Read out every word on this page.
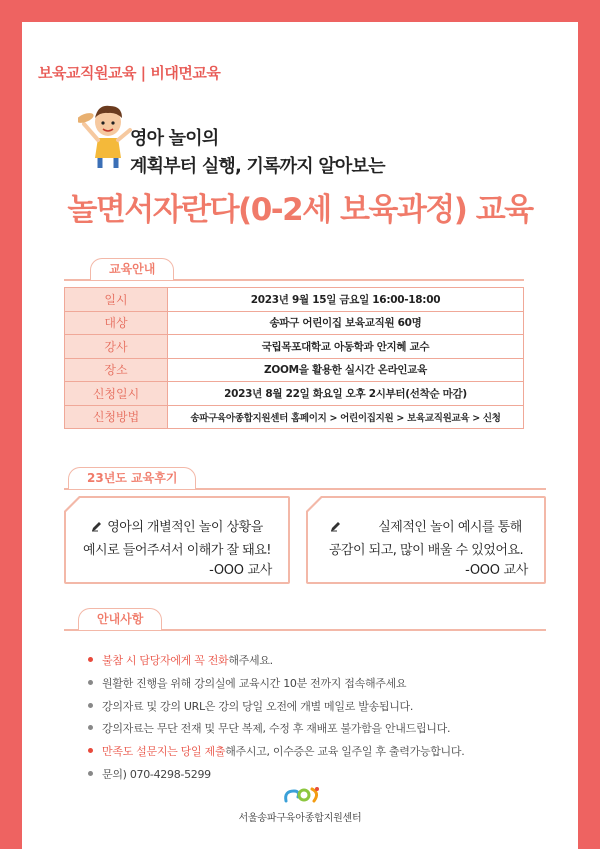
보육교직원교육 | 비대면교육
영아 놀이의
계획부터 실행, 기록까지 알아보는
놀면서자란다(0-2세 보육과정) 교육
교육안내
일시	2023년 9월 15일 금요일 16:00-18:00
대상	송파구 어린이집 보육교직원 60명
강사	국립목포대학교 아동학과 안지혜 교수
장소	ZOOM을 활용한 실시간 온라인교육
신청일시	2023년 8월 22일 화요일 오후 2시부터(선착순 마감)
신청방법	송파구육아종합지원센터 홈페이지 > 어린이집지원 > 보육교직원교육 > 신청
23년도 교육후기
영아의 개별적인 놀이 상황을
예시로 들어주셔서 이해가 잘 돼요!
-OOO 교사
실제적인 놀이 예시를 통해
공감이 되고, 많이 배울 수 있었어요.
-OOO 교사
안내사항
불참 시 담당자에게 꼭 전화해주세요.
원활한 진행을 위해 강의실에 교육시간 10분 전까지 접속해주세요
강의자료 및 강의 URL은 강의 당일 오전에 개별 메일로 발송됩니다.
강의자료는 무단 전재 및 무단 복제, 수정 후 재배포 불가함을 안내드립니다.
만족도 설문지는 당일 제출해주시고, 이수증은 교육 일주일 후 출력가능합니다.
문의) 070-4298-5299
서울송파구육아종합지원센터
